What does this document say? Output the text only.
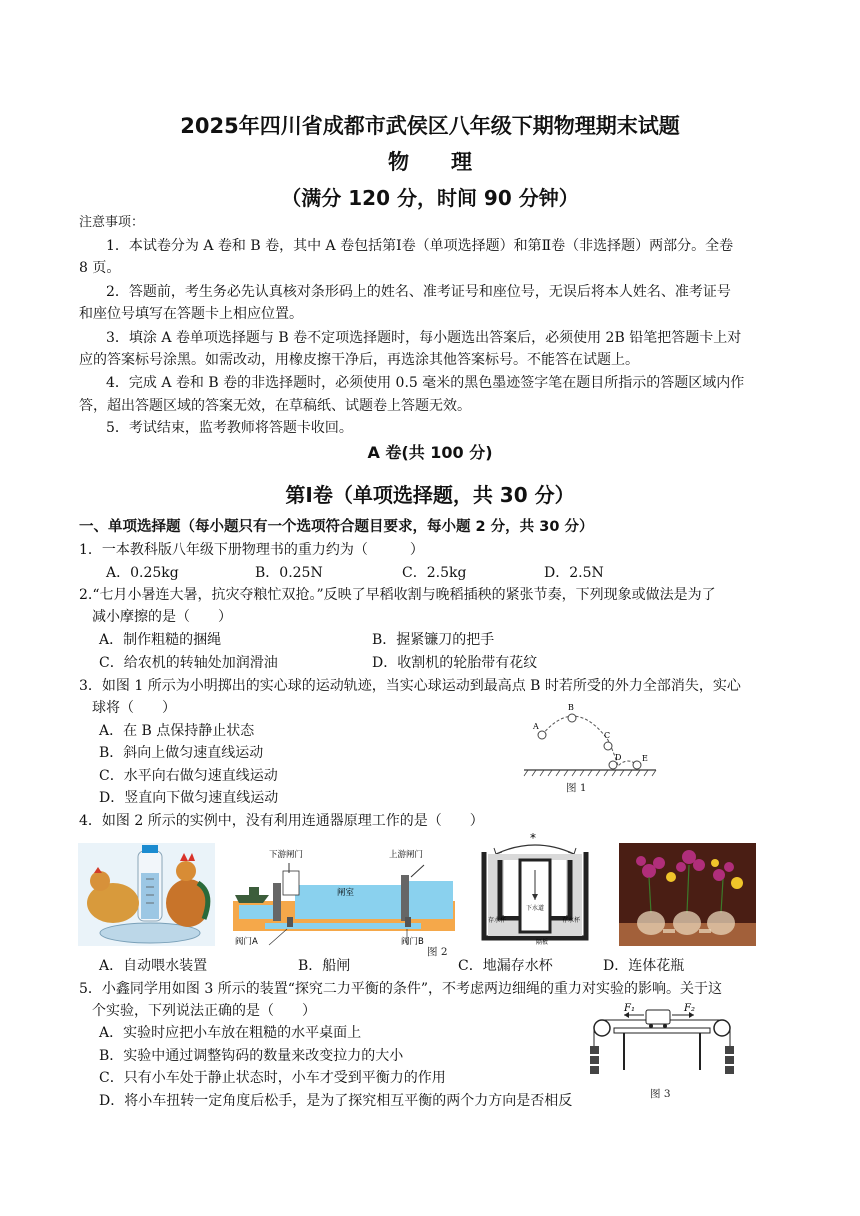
2025年四川省成都市武侯区八年级下期物理期末试题
物　　理
（满分 120 分，时间 90 分钟）
注意事项：
1．本试卷分为 A 卷和 B 卷，其中 A 卷包括第Ⅰ卷（单项选择题）和第Ⅱ卷（非选择题）两部分。全卷
8 页。
2．答题前，考生务必先认真核对条形码上的姓名、准考证号和座位号，无误后将本人姓名、准考证号
和座位号填写在答题卡上相应位置。
3．填涂 A 卷单项选择题与 B 卷不定项选择题时，每小题选出答案后，必须使用 2B 铅笔把答题卡上对
应的答案标号涂黑。如需改动，用橡皮擦干净后，再选涂其他答案标号。不能答在试题上。
4．完成 A 卷和 B 卷的非选择题时，必须使用 0.5 毫米的黑色墨迹签字笔在题目所指示的答题区域内作
答，超出答题区域的答案无效，在草稿纸、试题卷上答题无效。
5．考试结束，监考教师将答题卡收回。
A 卷(共 100 分)
第Ⅰ卷（单项选择题，共 30 分）
一、单项选择题（每小题只有一个选项符合题目要求，每小题 2 分，共 30 分）
1．一本教科版八年级下册物理书的重力约为（　　　）
A．0.25kg	B．0.25N	C．2.5kg	D．2.5N
2.“七月小暑连大暑，抗灾夺粮忙双抢。”反映了早稻收割与晚稻插秧的紧张节奏，下列现象或做法是为了
减小摩擦的是（　　）
A．制作粗糙的捆绳	B．握紧镰刀的把手
C．给农机的转轴处加润滑油	D．收割机的轮胎带有花纹
3．如图 1 所示为小明掷出的实心球的运动轨迹，当实心球运动到最高点 B 时若所受的外力全部消失，实心
球将（　　）
A．在 B 点保持静止状态
B．斜向上做匀速直线运动
C．水平向右做匀速直线运动
D．竖直向下做匀速直线运动
A
B
C
D	E
图 1
4．如图 2 所示的实例中，没有利用连通器原理工作的是（　　）
下游闸门	上游闸门
闸室
阀门A	阀门B
*
存水杯
下水道
存水杯
隔板
图 2
A．自动喂水装置	B．船闸	C．地漏存水杯	D．连体花瓶
5．小鑫同学用如图 3 所示的装置“探究二力平衡的条件”，不考虑两边细绳的重力对实验的影响。关于这
个实验，下列说法正确的是（　　）
A．实验时应把小车放在粗糙的水平桌面上
B．实验中通过调整钩码的数量来改变拉力的大小
C．只有小车处于静止状态时，小车才受到平衡力的作用
D．将小车扭转一定角度后松手，是为了探究相互平衡的两个力方向是否相反
F₁	F₂
图 3
